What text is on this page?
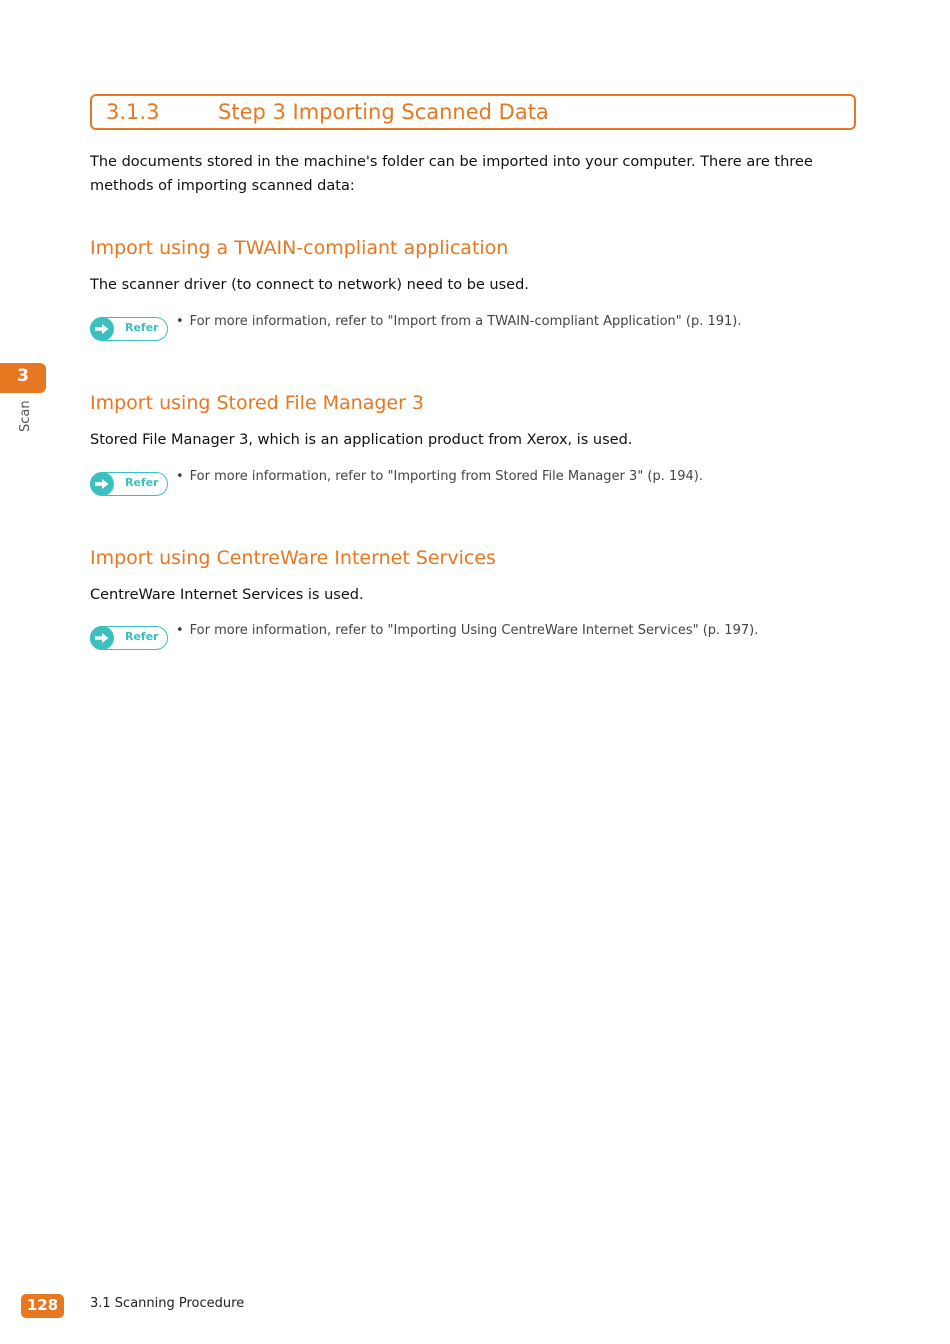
3.1.3	Step 3 Importing Scanned Data
The documents stored in the machine's folder can be imported into your computer. There are three methods of importing scanned data:
Import using a TWAIN-compliant application
The scanner driver (to connect to network) need to be used.
Refer • For more information, refer to "Import from a TWAIN-compliant Application" (p. 191).
Import using Stored File Manager 3
Stored File Manager 3, which is an application product from Xerox, is used.
Refer • For more information, refer to "Importing from Stored File Manager 3" (p. 194).
Import using CentreWare Internet Services
CentreWare Internet Services is used.
Refer • For more information, refer to "Importing Using CentreWare Internet Services" (p. 197).
3
Scan
128	3.1 Scanning Procedure
